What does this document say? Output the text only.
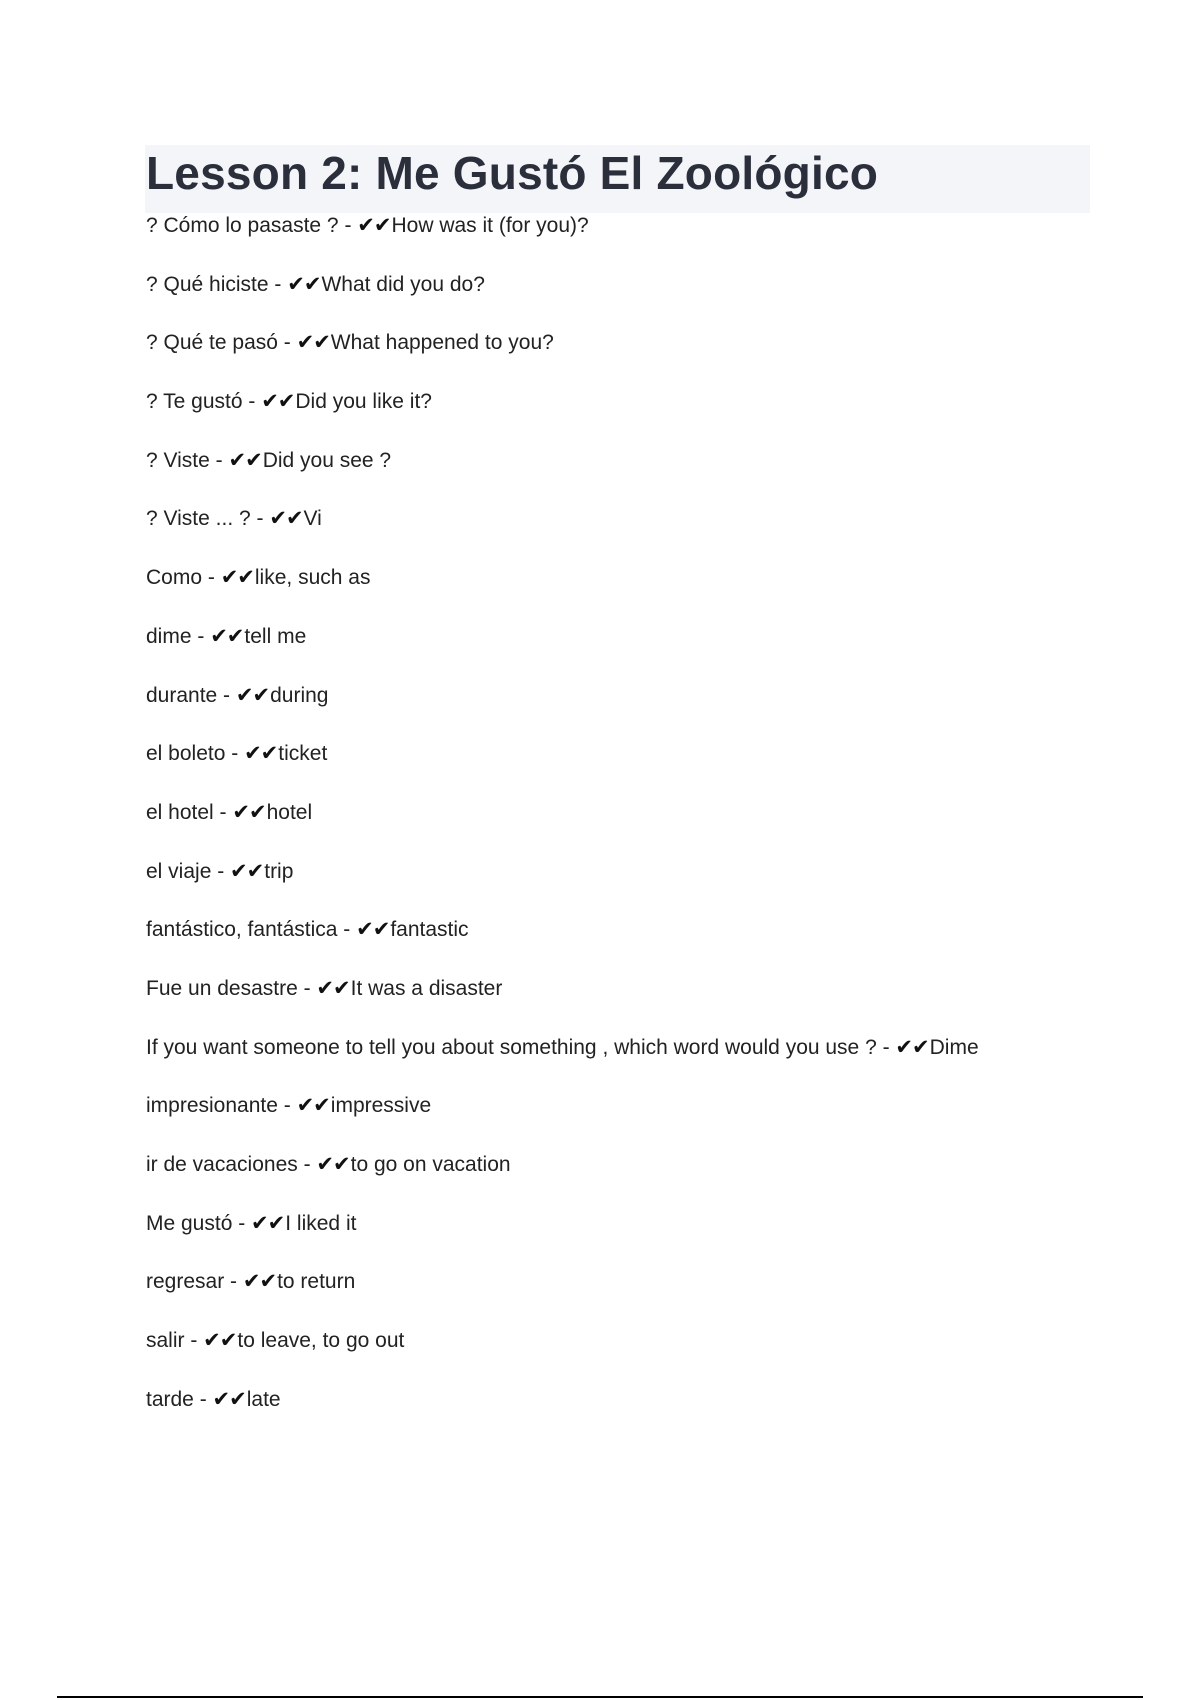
Lesson 2: Me Gustó El Zoológico
? Cómo lo pasaste ? - ✔✔How was it (for you)?
? Qué hiciste - ✔✔What did you do?
? Qué te pasó - ✔✔What happened to you?
? Te gustó - ✔✔Did you like it?
? Viste - ✔✔Did you see ?
? Viste ... ? - ✔✔Vi
Como - ✔✔like, such as
dime - ✔✔tell me
durante - ✔✔during
el boleto - ✔✔ticket
el hotel - ✔✔hotel
el viaje - ✔✔trip
fantástico, fantástica - ✔✔fantastic
Fue un desastre - ✔✔It was a disaster
If you want someone to tell you about something , which word would you use ? - ✔✔Dime
impresionante - ✔✔impressive
ir de vacaciones - ✔✔to go on vacation
Me gustó - ✔✔I liked it
regresar - ✔✔to return
salir - ✔✔to leave, to go out
tarde - ✔✔late
